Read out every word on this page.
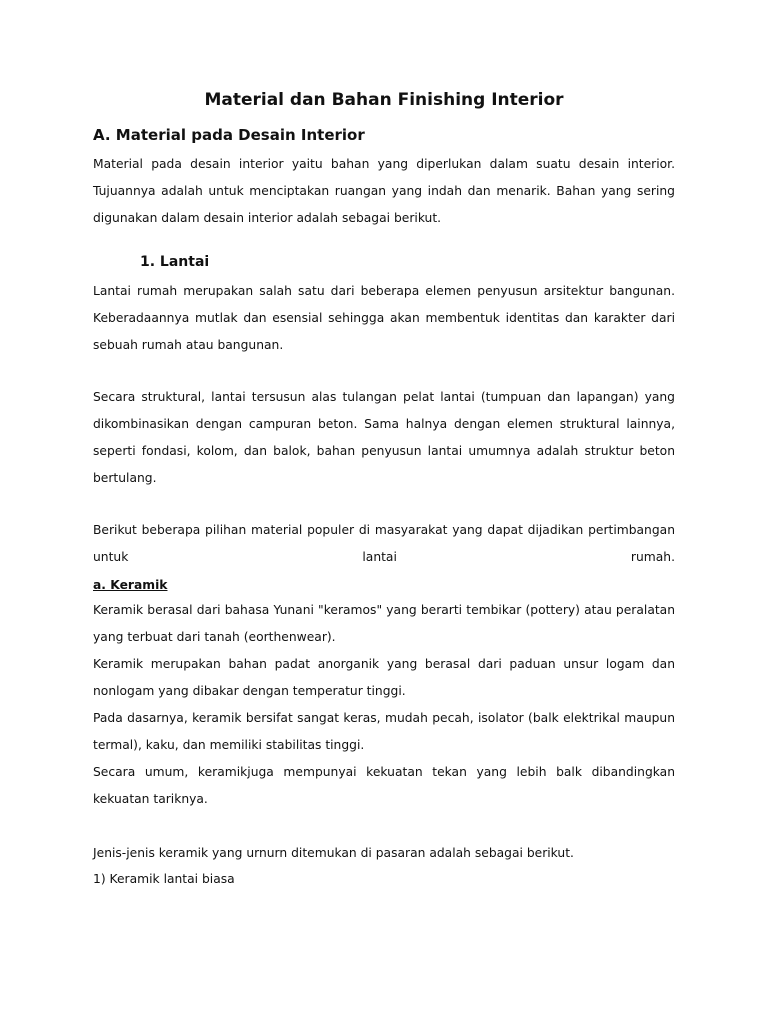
Material dan Bahan Finishing Interior
A. Material pada Desain Interior

Material pada desain interior yaitu bahan yang diperlukan dalam suatu desain interior. Tujuannya adalah untuk menciptakan ruangan yang indah dan menarik. Bahan yang sering digunakan dalam desain interior adalah sebagai berikut.

1. Lantai

Lantai rumah merupakan salah satu dari beberapa elemen penyusun arsitektur bangunan. Keberadaannya mutlak dan esensial sehingga akan membentuk identitas dan karakter dari sebuah rumah atau bangunan.

Secara struktural, lantai tersusun alas tulangan pelat lantai (tumpuan dan lapangan) yang dikombinasikan dengan campuran beton. Sama halnya dengan elemen struktural lainnya, seperti fondasi, kolom, dan balok, bahan penyusun lantai umumnya adalah struktur beton bertulang.

Berikut beberapa pilihan material populer di masyarakat yang dapat dijadikan pertimbangan untuk lantai rumah.

a. Keramik

Keramik berasal dari bahasa Yunani "keramos" yang berarti tembikar (pottery) atau peralatan yang terbuat dari tanah (eorthenwear).

Keramik merupakan bahan padat anorganik yang berasal dari paduan unsur logam dan nonlogam yang dibakar dengan temperatur tinggi.

Pada dasarnya, keramik bersifat sangat keras, mudah pecah, isolator (balk elektrikal maupun termal), kaku, dan memiliki stabilitas tinggi.

Secara umum, keramikjuga mempunyai kekuatan tekan yang lebih balk dibandingkan kekuatan tariknya.

Jenis-jenis keramik yang urnurn ditemukan di pasaran adalah sebagai berikut.

1) Keramik lantai biasa
